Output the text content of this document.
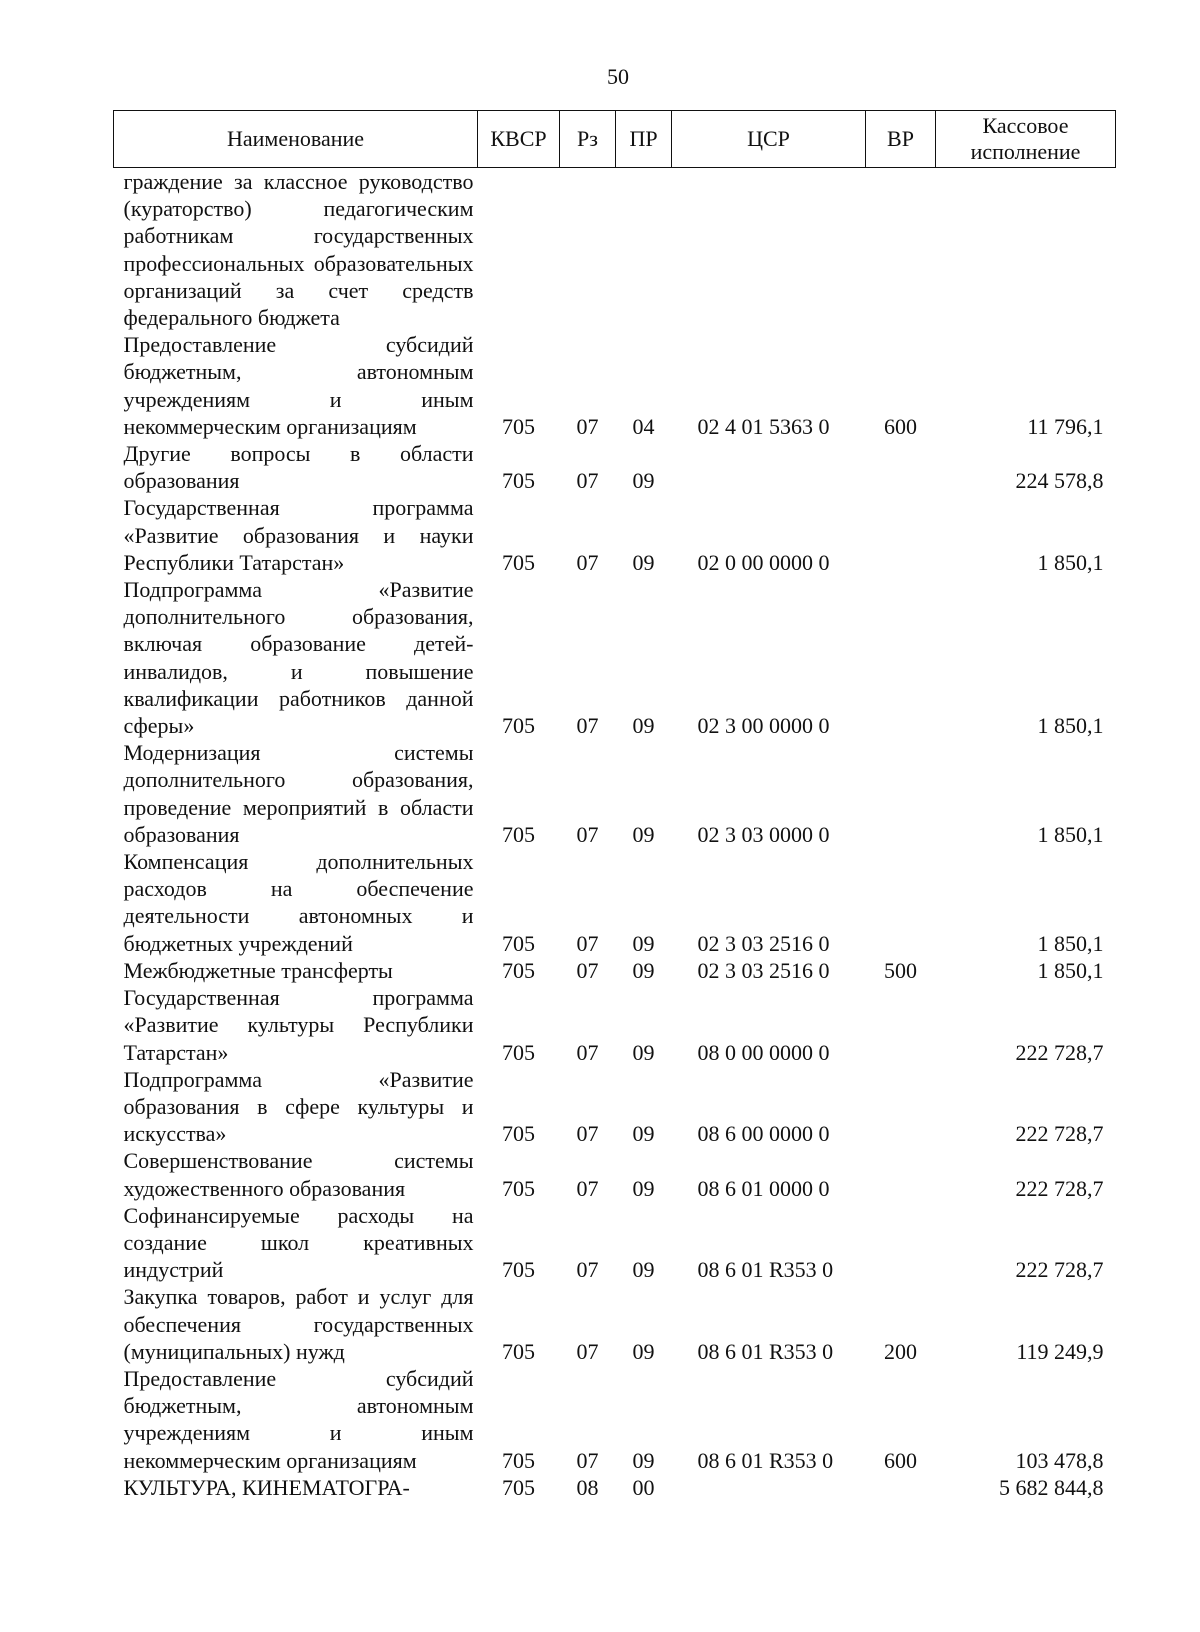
50
Наименование	КВСР	Рз	ПР	ЦСР	ВР	Кассовое исполнение
граждение за классное руководство (кураторство) педагогическим работникам государственных профессиональных образовательных организаций за счет средств федерального бюджета						
Предоставление субсидий бюджетным, автономным учреждениям и иным некоммерческим организациям	705	07	04	02 4 01 5363 0	600	11 796,1
Другие вопросы в области образования	705	07	09			224 578,8
Государственная программа «Развитие образования и науки Республики Татарстан»	705	07	09	02 0 00 0000 0		1 850,1
Подпрограмма «Развитие дополнительного образования, включая образование детей-инвалидов, и повышение квалификации работников данной сферы»	705	07	09	02 3 00 0000 0		1 850,1
Модернизация системы дополнительного образования, проведение мероприятий в области образования	705	07	09	02 3 03 0000 0		1 850,1
Компенсация дополнительных расходов на обеспечение деятельности автономных и бюджетных учреждений	705	07	09	02 3 03 2516 0		1 850,1
Межбюджетные трансферты	705	07	09	02 3 03 2516 0	500	1 850,1
Государственная программа «Развитие культуры Республики Татарстан»	705	07	09	08 0 00 0000 0		222 728,7
Подпрограмма «Развитие образования в сфере культуры и искусства»	705	07	09	08 6 00 0000 0		222 728,7
Совершенствование системы художественного образования	705	07	09	08 6 01 0000 0		222 728,7
Софинансируемые расходы на создание школ креативных индустрий	705	07	09	08 6 01 R353 0		222 728,7
Закупка товаров, работ и услуг для обеспечения государственных (муниципальных) нужд	705	07	09	08 6 01 R353 0	200	119 249,9
Предоставление субсидий бюджетным, автономным учреждениям и иным некоммерческим организациям	705	07	09	08 6 01 R353 0	600	103 478,8
КУЛЬТУРА, КИНЕМАТОГРА-	705	08	00			5 682 844,8
